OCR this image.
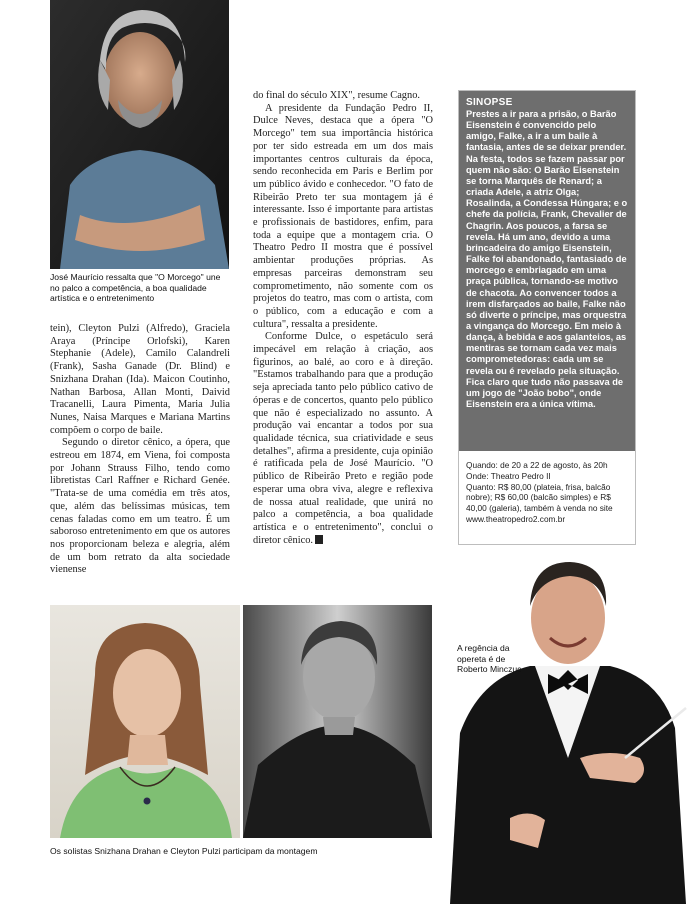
José Maurício ressalta que "O Morcego" une no palco a competência, a boa qualidade artística e o entretenimento

tein), Cleyton Pulzi (Alfredo), Graciela Araya (Príncipe Orlofski), Karen Stephanie (Adele), Camilo Calandreli (Frank), Sasha Ganade (Dr. Blind) e Snizhana Drahan (Ida). Maicon Coutinho, Nathan Barbosa, Allan Monti, Daivid Tracanelli, Laura Pimenta, Maria Julia Nunes, Naisa Marques e Mariana Martins compõem o corpo de baile.

Segundo o diretor cênico, a ópera, que estreou em 1874, em Viena, foi composta por Johann Strauss Filho, tendo como libretistas Carl Raffner e Richard Genée. "Trata-se de uma comédia em três atos, que, além das belíssimas músicas, tem cenas faladas como em um teatro. É um saboroso entretenimento em que os autores nos proporcionam beleza e alegria, além de um bom retrato da alta sociedade vienense

do final do século XIX", resume Cagno.

A presidente da Fundação Pedro II, Dulce Neves, destaca que a ópera "O Morcego" tem sua importância histórica por ter sido estreada em um dos mais importantes centros culturais da época, sendo reconhecida em Paris e Berlim por um público ávido e conhecedor. "O fato de Ribeirão Preto ter sua montagem já é interessante. Isso é importante para artistas e profissionais de bastidores, enfim, para toda a equipe que a montagem cria. O Theatro Pedro II mostra que é possível ambientar produções próprias. As empresas parceiras demonstram seu comprometimento, não somente com os projetos do teatro, mas com o artista, com o público, com a educação e com a cultura", ressalta a presidente.

Conforme Dulce, o espetáculo será impecável em relação à criação, aos figurinos, ao balé, ao coro e à direção. "Estamos trabalhando para que a produção seja apreciada tanto pelo público cativo de óperas e de concertos, quanto pelo público que não é especializado no assunto. A produção vai encantar a todos por sua qualidade técnica, sua criatividade e seus detalhes", afirma a presidente, cuja opinião é ratificada pela de José Maurício. "O público de Ribeirão Preto e região pode esperar uma obra viva, alegre e reflexiva de nossa atual realidade, que unirá no palco a competência, a boa qualidade artística e o entretenimento", conclui o diretor cênico.

SINOPSE

Prestes a ir para a prisão, o Barão Eisenstein é convencido pelo amigo, Falke, a ir a um baile à fantasia, antes de se deixar prender. Na festa, todos se fazem passar por quem não são: O Barão Eisenstein se torna Marquês de Renard; a criada Adele, a atriz Olga; Rosalinda, a Condessa Húngara; e o chefe da polícia, Frank, Chevalier de Chagrin. Aos poucos, a farsa se revela. Há um ano, devido a uma brincadeira do amigo Eisenstein, Falke foi abandonado, fantasiado de morcego e embriagado em uma praça pública, tornando-se motivo de chacota. Ao convencer todos a irem disfarçados ao baile, Falke não só diverte o príncipe, mas orquestra a vingança do Morcego. Em meio à dança, à bebida e aos galanteios, as mentiras se tornam cada vez mais comprometedoras: cada um se revela ou é revelado pela situação. Fica claro que tudo não passava de um jogo de "João bobo", onde Eisenstein era a única vítima.

Quando: de 20 a 22 de agosto, às 20h
Onde: Theatro Pedro II
Quanto: R$ 80,00 (plateia, frisa, balcão nobre); R$ 60,00 (balcão simples) e R$ 40,00 (galeria), também à venda no site www.theatropedro2.com.br

Os solistas Snizhana Drahan e Cleyton Pulzi participam da montagem

A regência da opereta é de Roberto Minczuc
